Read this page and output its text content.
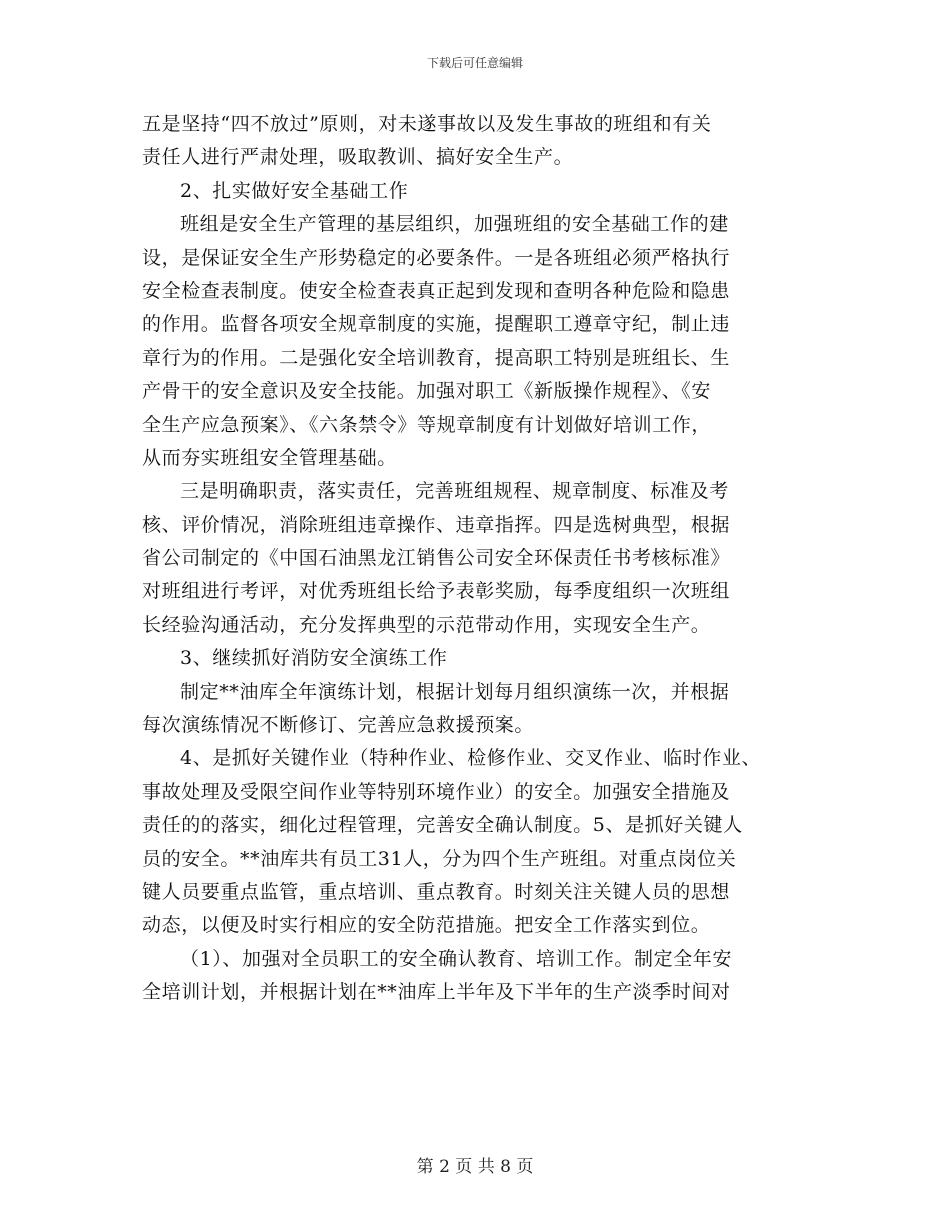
下载后可任意编辑
五是坚持“四不放过”原则，对未遂事故以及发生事故的班组和有关
责任人进行严肃处理，吸取教训、搞好安全生产。
2、扎实做好安全基础工作
班组是安全生产管理的基层组织，加强班组的安全基础工作的建
设，是保证安全生产形势稳定的必要条件。一是各班组必须严格执行
安全检查表制度。使安全检查表真正起到发现和查明各种危险和隐患
的作用。监督各项安全规章制度的实施，提醒职工遵章守纪，制止违
章行为的作用。二是强化安全培训教育，提高职工特别是班组长、生
产骨干的安全意识及安全技能。加强对职工《新版操作规程》、《安
全生产应急预案》、《六条禁令》等规章制度有计划做好培训工作，
从而夯实班组安全管理基础。
三是明确职责，落实责任，完善班组规程、规章制度、标准及考
核、评价情况，消除班组违章操作、违章指挥。四是选树典型，根据
省公司制定的《中国石油黑龙江销售公司安全环保责任书考核标准》
对班组进行考评，对优秀班组长给予表彰奖励，每季度组织一次班组
长经验沟通活动，充分发挥典型的示范带动作用，实现安全生产。
3、继续抓好消防安全演练工作
制定**油库全年演练计划，根据计划每月组织演练一次，并根据
每次演练情况不断修订、完善应急救援预案。
4、是抓好关键作业（特种作业、检修作业、交叉作业、临时作业、
事故处理及受限空间作业等特别环境作业）的安全。加强安全措施及
责任的的落实，细化过程管理，完善安全确认制度。5、是抓好关键人
员的安全。**油库共有员工31人，分为四个生产班组。对重点岗位关
键人员要重点监管，重点培训、重点教育。时刻关注关键人员的思想
动态，以便及时实行相应的安全防范措施。把安全工作落实到位。
（1）、加强对全员职工的安全确认教育、培训工作。制定全年安
全培训计划，并根据计划在**油库上半年及下半年的生产淡季时间对
第 2 页 共 8 页
